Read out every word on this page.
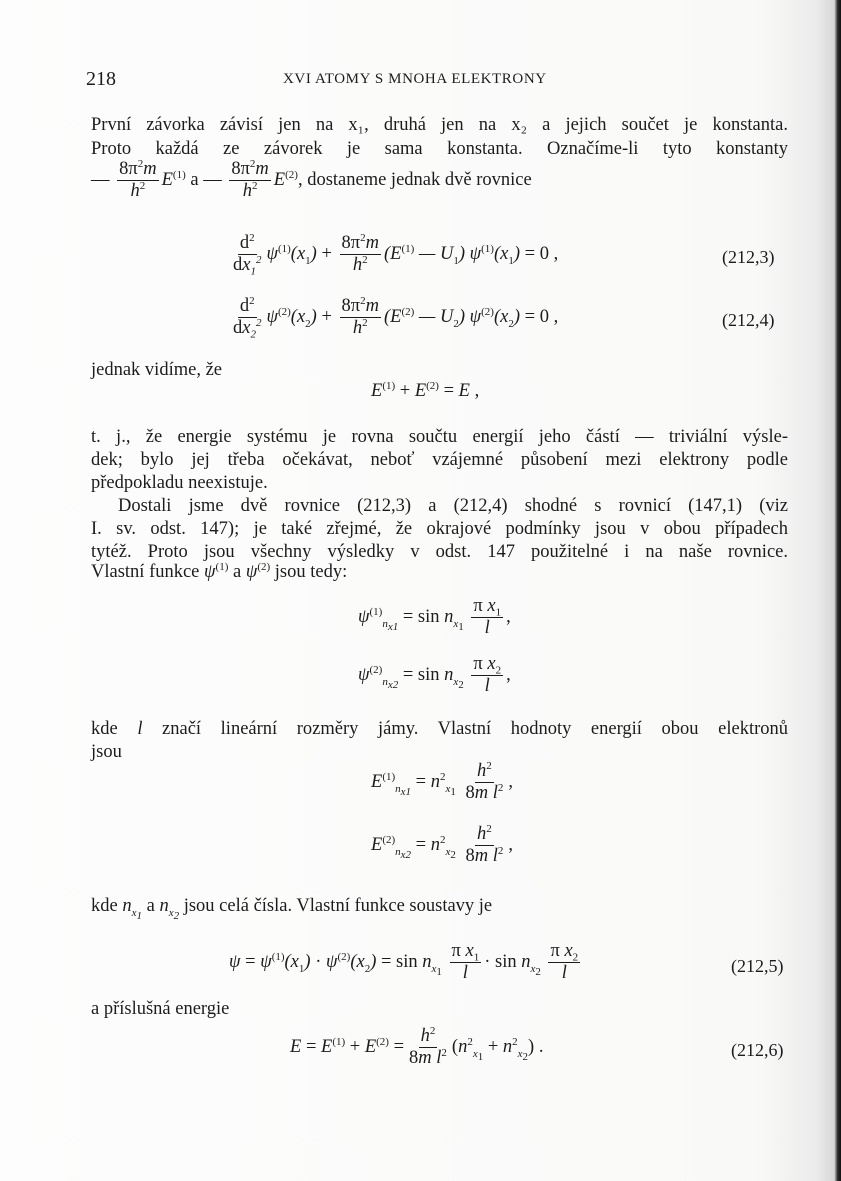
218	XVI ATOMY S MNOHA ELEKTRONY
První závorka závisí jen na x₁, druhá jen na x₂ a jejich součet je konstanta.
Proto každá ze závorek je sama konstanta. Označíme-li tyto konstanty
— $\frac{8\pi^2m}{h^2} E^{(1)}$ a — $\frac{8\pi^2m}{h^2} E^{(2)}$, dostaneme jednak dvě rovnice
$\frac{d^2}{dx_1^2} \psi^{(1)}(x_1) + \frac{8\pi^2m}{h^2} (E^{(1)}$ — $U_1$) $\psi^{(1)}(x_1) = 0$ ,	(212,3)
$\frac{d^2}{dx_2^2} \psi^{(2)}(x_2) + \frac{8\pi^2m}{h^2} (E^{(2)}$ — $U_2$) $\psi^{(2)}(x_2) = 0$ ,	(212,4)
jednak vidíme, že
$E^{(1)} + E^{(2)} = E$ ,
t. j., že energie systému je rovna součtu energií jeho částí — triviální výsle-
dek; bylo jej třeba očekávat, neboť vzájemné působení mezi elektrony podle
předpokladu neexistuje.
Dostali jsme dvě rovnice (212,3) a (212,4) shodné s rovnicí (147,1) (viz
I. sv. odst. 147); je také zřejmé, že okrajové podmínky jsou v obou případech
tytéž. Proto jsou všechny výsledky v odst. 147 použitelné i na naše rovnice.
Vlastní funkce $\psi^{(1)}$ a $\psi^{(2)}$ jsou tedy:
$\psi^{(1)}_{n_{x1}} = \sin n_{x_1} \frac{\pi x_1}{l}$ ,
$\psi^{(2)}_{n_{x2}} = \sin n_{x_2} \frac{\pi x_2}{l}$ ,
kde l značí lineární rozměry jámy. Vlastní hodnoty energií obou elektronů
jsou
$E^{(1)}_{n_{x1}} = n^2_{x_1} \frac{h^2}{8m l^2}$ ,
$E^{(2)}_{n_{x2}} = n^2_{x_2} \frac{h^2}{8m l^2}$ ,
kde $n_{x_1}$ a $n_{x_2}$ jsou celá čísla. Vlastní funkce soustavy je
$\psi = \psi^{(1)}(x_1) \cdot \psi^{(2)}(x_2) = \sin n_{x_1} \frac{\pi x_1}{l} \cdot \sin n_{x_2} \frac{\pi x_2}{l}$	(212,5)
a příslušná energie
$E = E^{(1)} + E^{(2)} = \frac{h^2}{8m l^2} (n^2_{x_1} + n^2_{x_2})$ .	(212,6)
